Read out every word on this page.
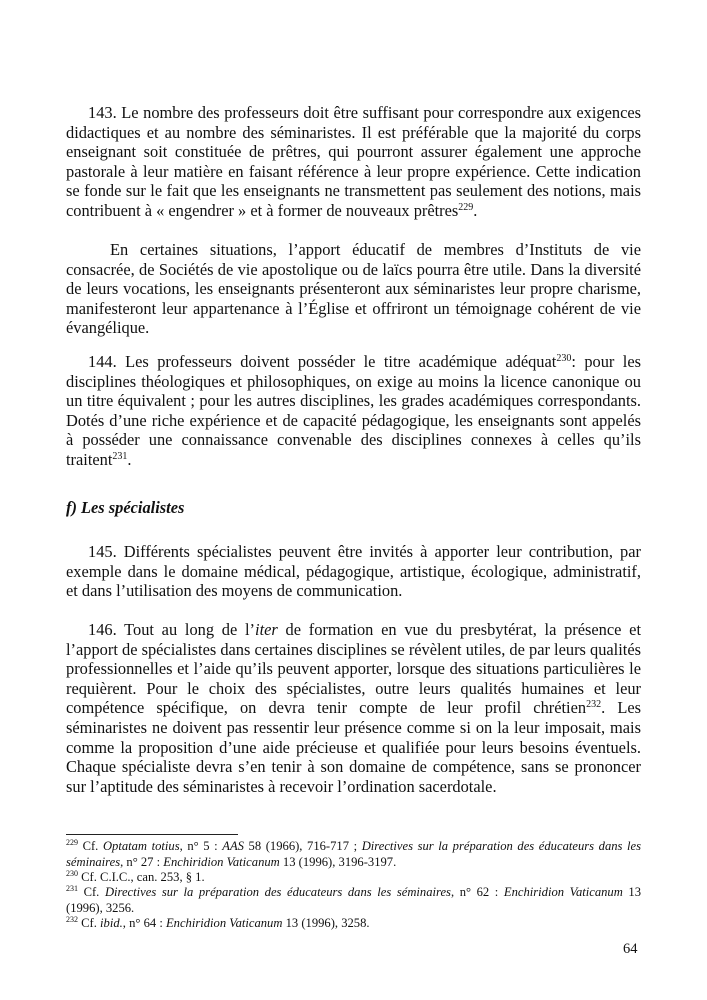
143. Le nombre des professeurs doit être suffisant pour correspondre aux exigences didactiques et au nombre des séminaristes. Il est préférable que la majorité du corps enseignant soit constituée de prêtres, qui pourront assurer également une approche pastorale à leur matière en faisant référence à leur propre expérience. Cette indication se fonde sur le fait que les enseignants ne transmettent pas seulement des notions, mais contribuent à « engendrer » et à former de nouveaux prêtres$^{229}$.

En certaines situations, l’apport éducatif de membres d’Instituts de vie consacrée, de Sociétés de vie apostolique ou de laïcs pourra être utile. Dans la diversité de leurs vocations, les enseignants présenteront aux séminaristes leur propre charisme, manifesteront leur appartenance à l’Église et offriront un témoignage cohérent de vie évangélique.

144. Les professeurs doivent posséder le titre académique adéquat$^{230}$: pour les disciplines théologiques et philosophiques, on exige au moins la licence canonique ou un titre équivalent ; pour les autres disciplines, les grades académiques correspondants. Dotés d’une riche expérience et de capacité pédagogique, les enseignants sont appelés à posséder une connaissance convenable des disciplines connexes à celles qu’ils traitent$^{231}$.

f) Les spécialistes

145. Différents spécialistes peuvent être invités à apporter leur contribution, par exemple dans le domaine médical, pédagogique, artistique, écologique, administratif, et dans l’utilisation des moyens de communication.

146. Tout au long de l’iter de formation en vue du presbytérat, la présence et l’apport de spécialistes dans certaines disciplines se révèlent utiles, de par leurs qualités professionnelles et l’aide qu’ils peuvent apporter, lorsque des situations particulières le requièrent. Pour le choix des spécialistes, outre leurs qualités humaines et leur compétence spécifique, on devra tenir compte de leur profil chrétien$^{232}$. Les séminaristes ne doivent pas ressentir leur présence comme si on la leur imposait, mais comme la proposition d’une aide précieuse et qualifiée pour leurs besoins éventuels. Chaque spécialiste devra s’en tenir à son domaine de compétence, sans se prononcer sur l’aptitude des séminaristes à recevoir l’ordination sacerdotale.

$^{229}$ Cf. Optatam totius, n° 5 : AAS 58 (1966), 716-717 ; Directives sur la préparation des éducateurs dans les séminaires, n° 27 : Enchiridion Vaticanum 13 (1996), 3196-3197.

$^{230}$ Cf. C.I.C., can. 253, § 1.

$^{231}$ Cf. Directives sur la préparation des éducateurs dans les séminaires, n° 62 : Enchiridion Vaticanum 13 (1996), 3256.

$^{232}$ Cf. ibid., n° 64 : Enchiridion Vaticanum 13 (1996), 3258.

64
